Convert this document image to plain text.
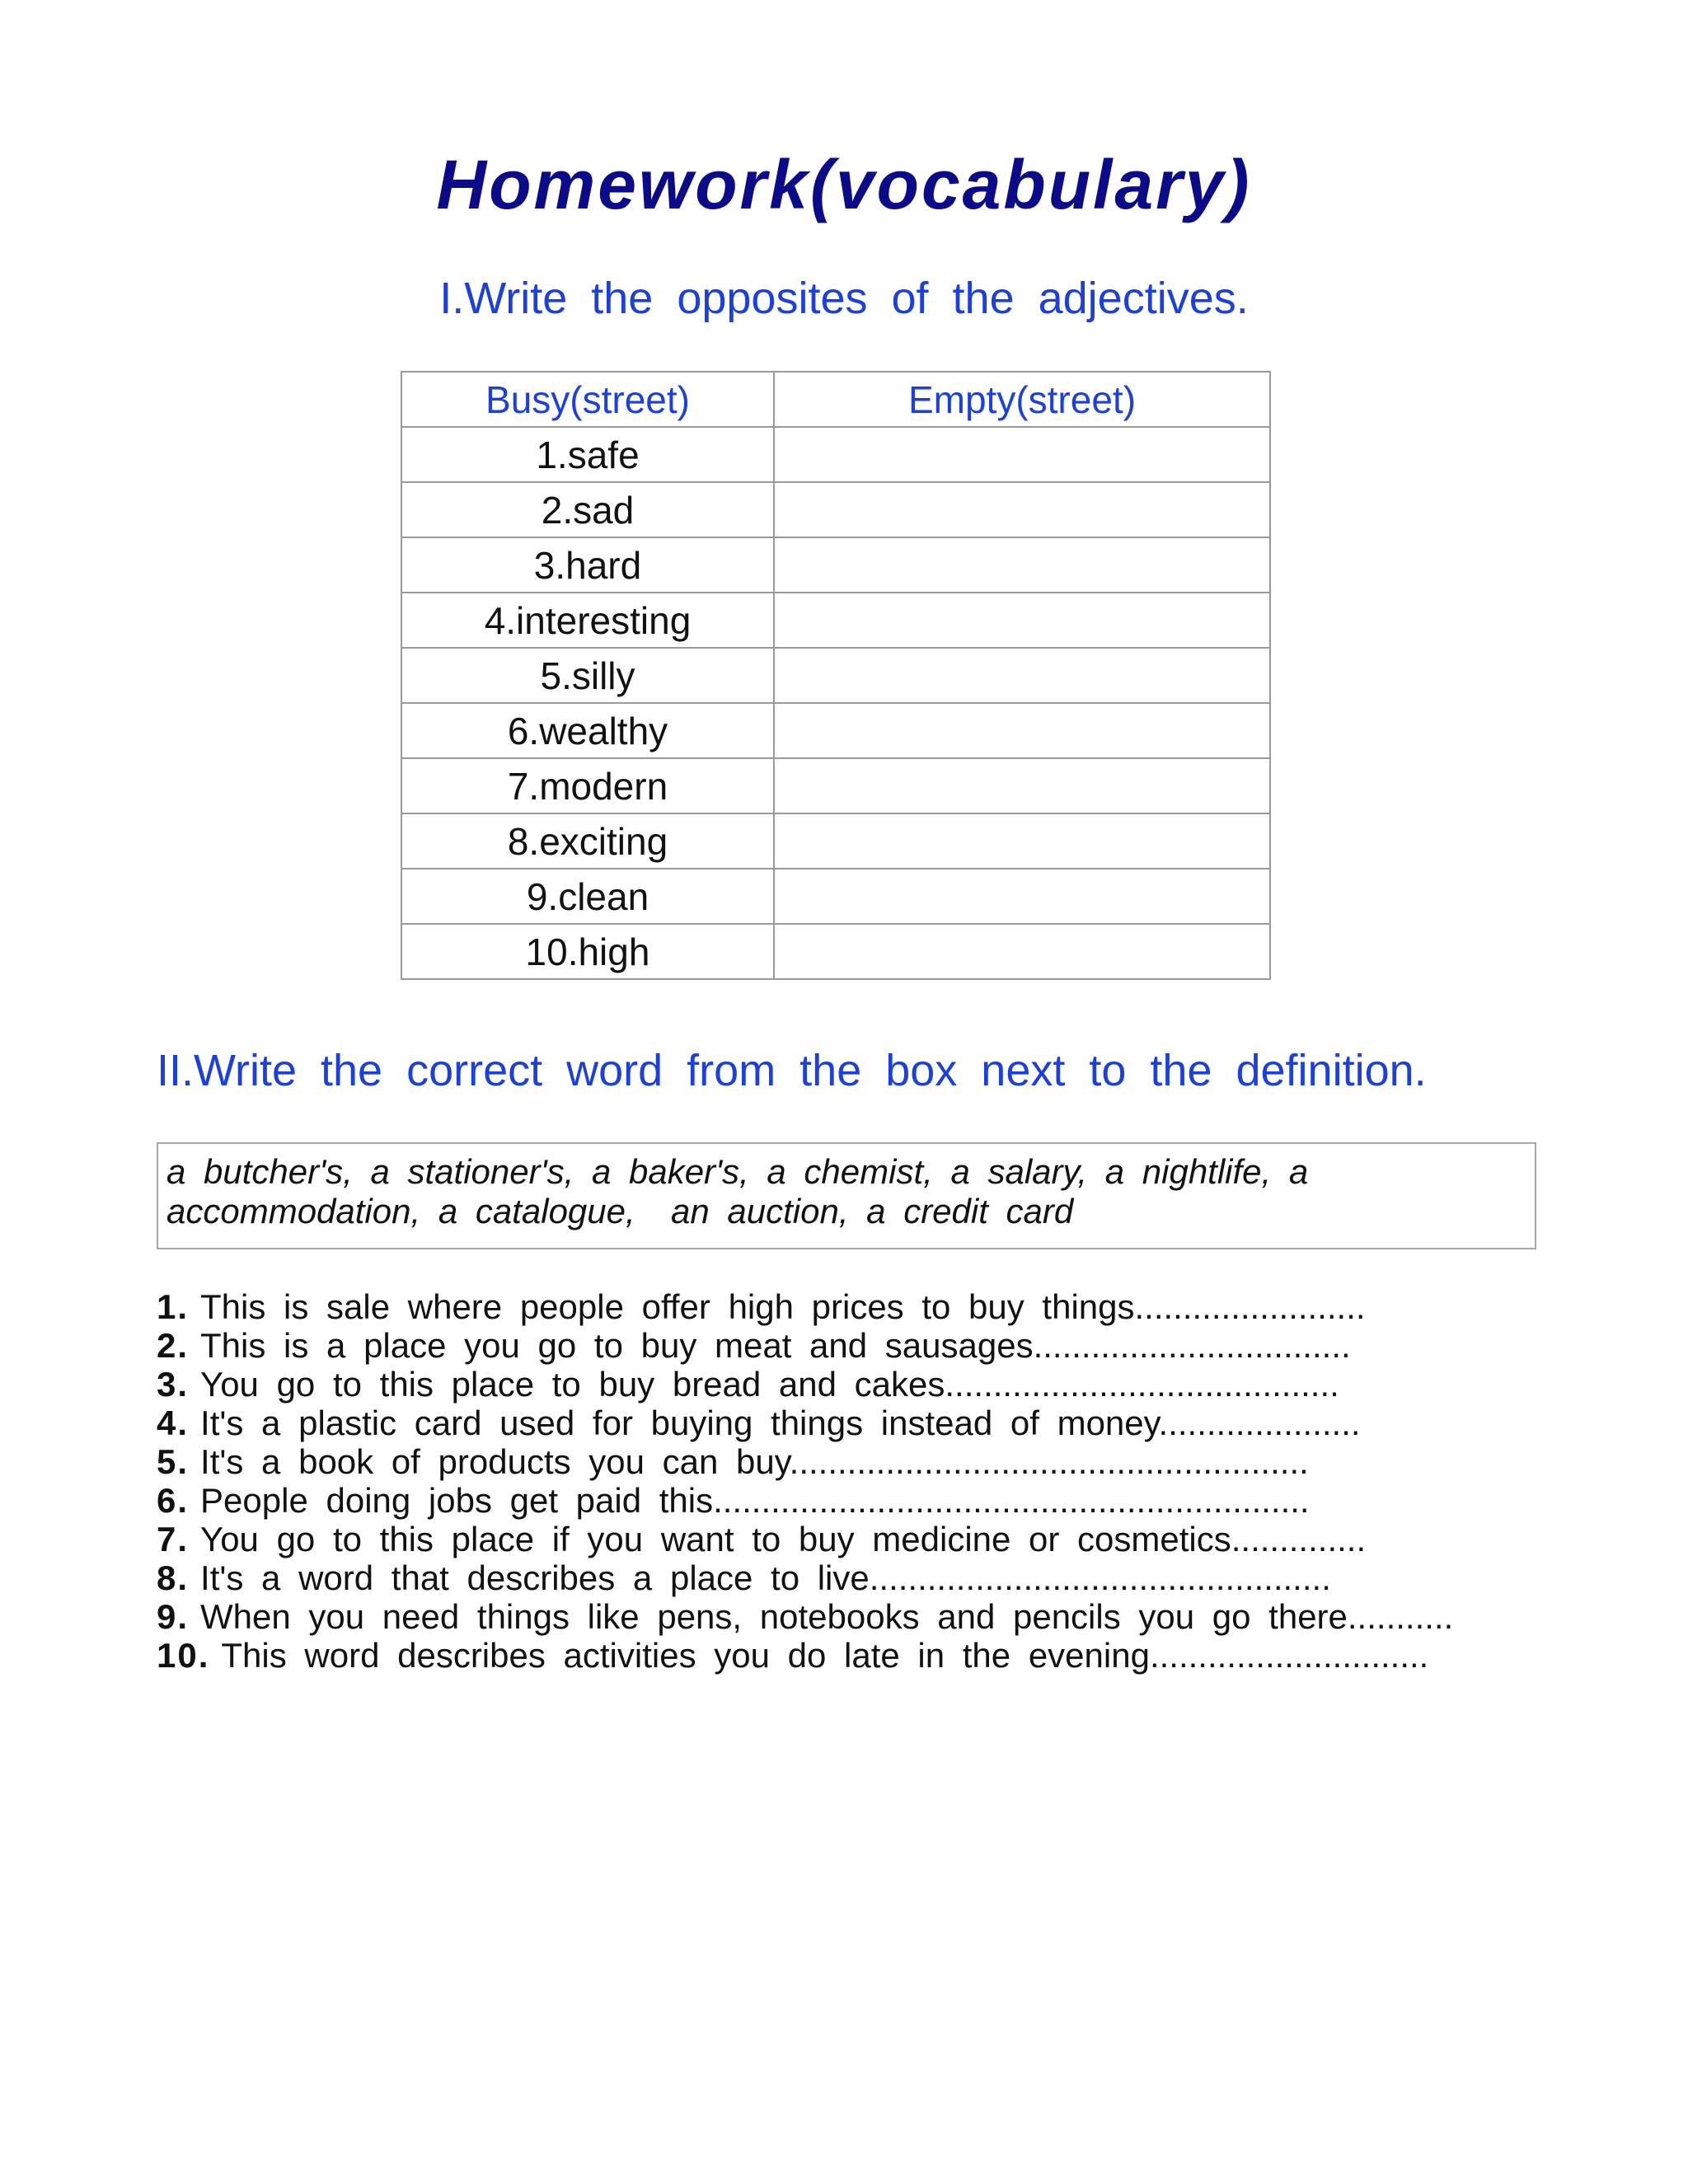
Homework(vocabulary)
I.Write the opposites of the adjectives.
Busy(street)	Empty(street)
1.safe	
2.sad	
3.hard	
4.interesting	
5.silly	
6.wealthy	
7.modern	
8.exciting	
9.clean	
10.high	
II.Write the correct word from the box next to the definition.
a butcher's, a stationer's, a baker's, a chemist, a salary, a nightlife, a
accommodation, a catalogue,  an auction, a credit card
1. This is sale where people offer high prices to buy things........................
2. This is a place you go to buy meat and sausages.................................
3. You go to this place to buy bread and cakes.........................................
4. It's a plastic card used for buying things instead of money.....................
5. It's a book of products you can buy......................................................
6. People doing jobs get paid this..............................................................
7. You go to this place if you want to buy medicine or cosmetics..............
8. It's a word that describes a place to live................................................
9. When you need things like pens, notebooks and pencils you go there...........
10. This word describes activities you do late in the evening.............................
